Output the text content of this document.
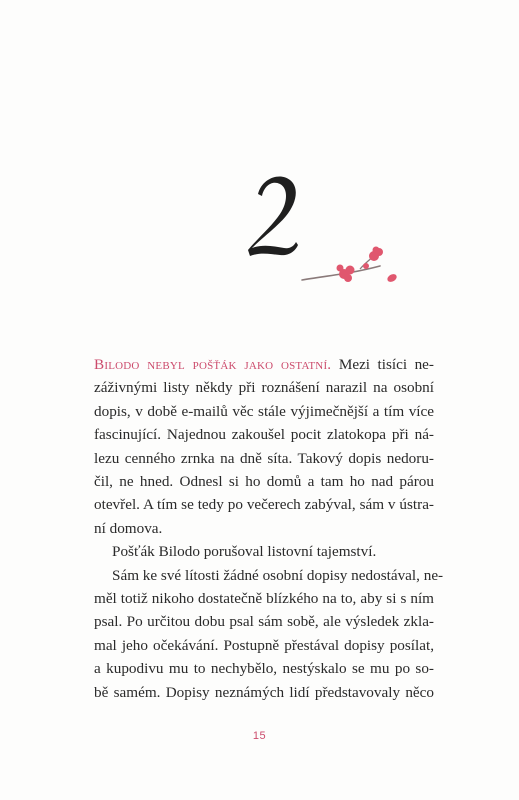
2
Bilodo nebyl pošťák jako ostatní. Mezi tisíci ne-
záživnými listy někdy při roznášení narazil na osobní
dopis, v době e-mailů věc stále výjimečnější a tím více
fascinující. Najednou zakoušel pocit zlatokopa při ná-
lezu cenného zrnka na dně síta. Takový dopis nedoru-
čil, ne hned. Odnesl si ho domů a tam ho nad párou
otevřel. A tím se tedy po večerech zabýval, sám v ústra-
ní domova.
Pošťák Bilodo porušoval listovní tajemství.
Sám ke své lítosti žádné osobní dopisy nedostával, ne-
měl totiž nikoho dostatečně blízkého na to, aby si s ním
psal. Po určitou dobu psal sám sobě, ale výsledek zkla-
mal jeho očekávání. Postupně přestával dopisy posílat,
a kupodivu mu to nechybělo, nestýskalo se mu po so-
bě samém. Dopisy neznámých lidí představovaly něco
15
